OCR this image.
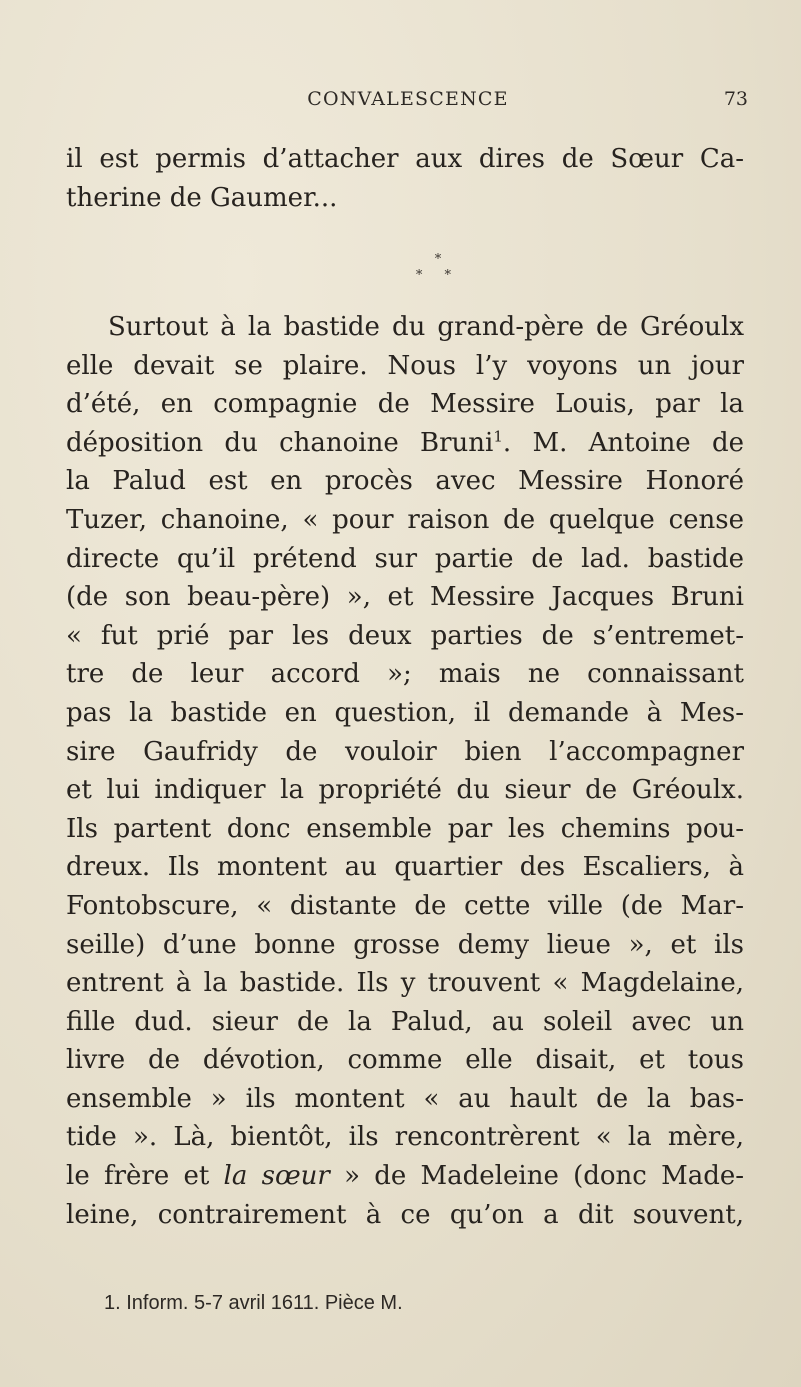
CONVALESCENCE	73
il est permis d’attacher aux dires de Sœur Ca-
therine de Gaumer...
*
* *
Surtout à la bastide du grand-père de Gréoulx
elle devait se plaire. Nous l’y voyons un jour
d’été, en compagnie de Messire Louis, par la
déposition du chanoine Bruni$^1$. M. Antoine de
la Palud est en procès avec Messire Honoré
Tuzer, chanoine, « pour raison de quelque cense
directe qu’il prétend sur partie de lad. bastide
(de son beau-père) », et Messire Jacques Bruni
« fut prié par les deux parties de s’entremet-
tre de leur accord »; mais ne connaissant
pas la bastide en question, il demande à Mes-
sire Gaufridy de vouloir bien l’accompagner
et lui indiquer la propriété du sieur de Gréoulx.
Ils partent donc ensemble par les chemins pou-
dreux. Ils montent au quartier des Escaliers, à
Fontobscure, « distante de cette ville (de Mar-
seille) d’une bonne grosse demy lieue », et ils
entrent à la bastide. Ils y trouvent « Magdelaine,
fille dud. sieur de la Palud, au soleil avec un
livre de dévotion, comme elle disait, et tous
ensemble » ils montent « au hault de la bas-
tide ». Là, bientôt, ils rencontrèrent « la mère,
le frère et la sœur » de Madeleine (donc Made-
leine, contrairement à ce qu’on a dit souvent,
1. Inform. 5-7 avril 1611. Pièce M.
